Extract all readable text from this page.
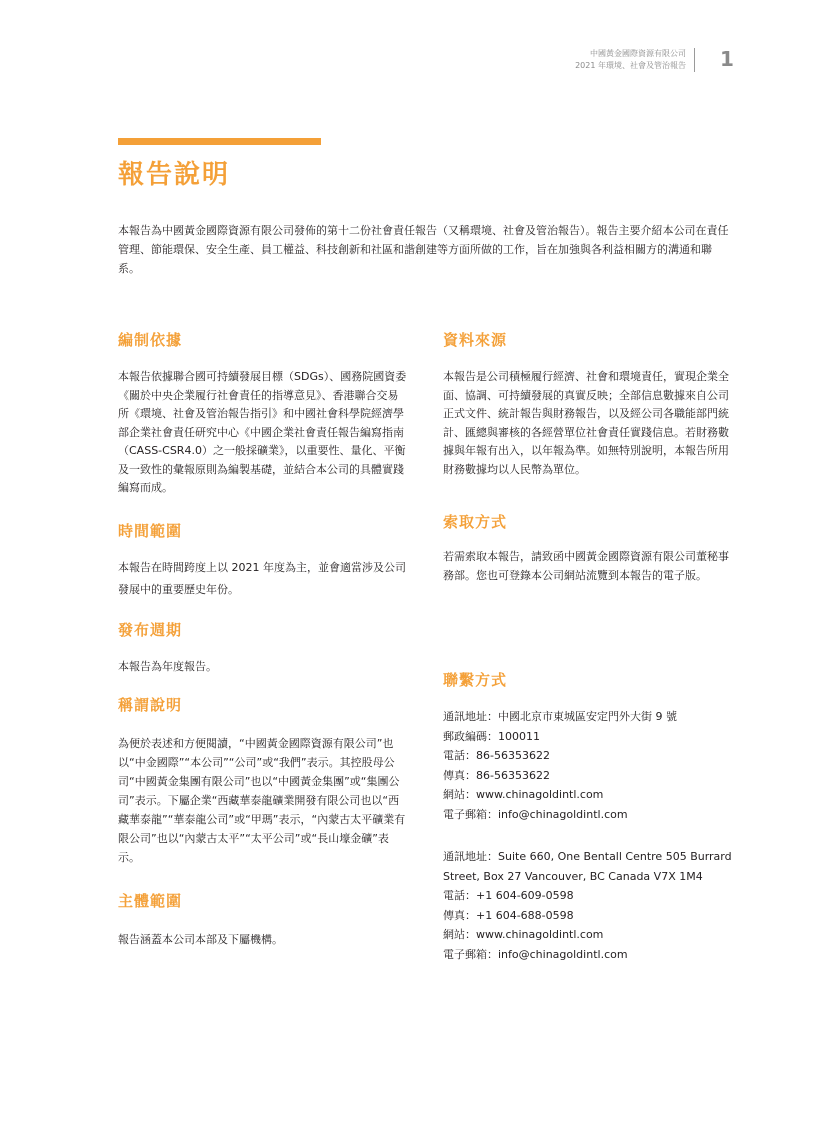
中國黃金國際資源有限公司
2021 年環境、社會及管治報告 1
報告說明

本報告為中國黃金國際資源有限公司發佈的第十二份社會責任報告（又稱環境、社會及管治報告）。報告主要介紹本公司在責任管理、節能環保、安全生產、員工權益、科技創新和社區和諧創建等方面所做的工作，旨在加強與各利益相關方的溝通和聯系。

編制依據

本報告依據聯合國可持續發展目標（SDGs）、國務院國資委《關於中央企業履行社會責任的指導意見》、香港聯合交易所《環境、社會及管治報告指引》和中國社會科學院經濟學部企業社會責任研究中心《中國企業社會責任報告編寫指南（CASS-CSR4.0）之一般採礦業》，以重要性、量化、平衡及一致性的彙報原則為編製基礎，並結合本公司的具體實踐編寫而成。

時間範圍

本報告在時間跨度上以 2021 年度為主，並會適當涉及公司發展中的重要歷史年份。

發布週期

本報告為年度報告。

稱謂說明

為便於表述和方便閱讀，“中國黃金國際資源有限公司”也以“中金國際”“本公司”“公司”或“我們”表示。其控股母公司“中國黃金集團有限公司”也以“中國黃金集團”或“集團公司”表示。下屬企業“西藏華泰龍礦業開發有限公司也以“西藏華泰龍”“華泰龍公司”或“甲瑪”表示，“內蒙古太平礦業有限公司”也以“內蒙古太平”“太平公司”或“長山壕金礦”表示。

主體範圍

報告涵蓋本公司本部及下屬機構。

資料來源

本報告是公司積極履行經濟、社會和環境責任，實現企業全面、協調、可持續發展的真實反映；全部信息數據來自公司正式文件、統計報告與財務報告，以及經公司各職能部門統計、匯總與審核的各經營單位社會責任實踐信息。若財務數據與年報有出入，以年報為準。如無特別說明，本報告所用財務數據均以人民幣為單位。

索取方式

若需索取本報告，請致函中國黃金國際資源有限公司董秘事務部。您也可登錄本公司網站流覽到本報告的電子版。

聯繫方式
通訊地址：中國北京市東城區安定門外大街 9 號
郵政編碼：100011
電話：86-56353622
傳真：86-56353622
網站：www.chinagoldintl.com
電子郵箱：info@chinagoldintl.com
通訊地址：Suite 660, One Bentall Centre 505 Burrard
Street, Box 27 Vancouver, BC Canada V7X 1M4
電話：+1 604-609-0598
傳真：+1 604-688-0598
網站：www.chinagoldintl.com
電子郵箱：info@chinagoldintl.com
